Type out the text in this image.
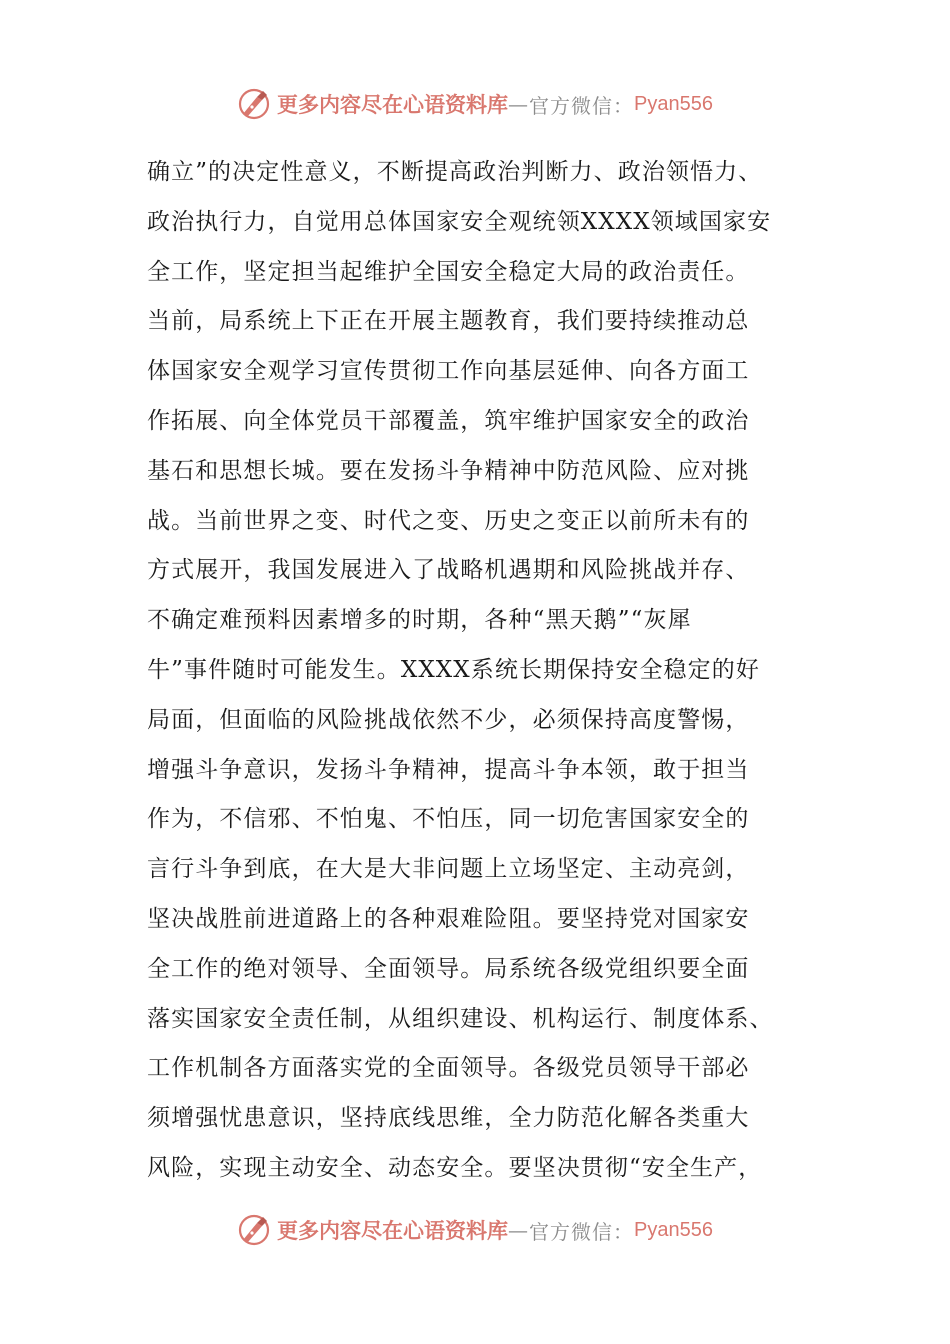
更多内容尽在心语资料库 — 官方微信： Pyan556
确立”的决定性意义，不断提高政治判断力、政治领悟力、
政治执行力，自觉用总体国家安全观统领XXXX领域国家安
全工作，坚定担当起维护全国安全稳定大局的政治责任。
当前，局系统上下正在开展主题教育，我们要持续推动总
体国家安全观学习宣传贯彻工作向基层延伸、向各方面工
作拓展、向全体党员干部覆盖，筑牢维护国家安全的政治
基石和思想长城。要在发扬斗争精神中防范风险、应对挑
战。当前世界之变、时代之变、历史之变正以前所未有的
方式展开，我国发展进入了战略机遇期和风险挑战并存、
不确定难预料因素增多的时期，各种“黑天鹅”“灰犀
牛”事件随时可能发生。XXXX系统长期保持安全稳定的好
局面，但面临的风险挑战依然不少，必须保持高度警惕，
增强斗争意识，发扬斗争精神，提高斗争本领，敢于担当
作为，不信邪、不怕鬼、不怕压，同一切危害国家安全的
言行斗争到底，在大是大非问题上立场坚定、主动亮剑，
坚决战胜前进道路上的各种艰难险阻。要坚持党对国家安
全工作的绝对领导、全面领导。局系统各级党组织要全面
落实国家安全责任制，从组织建设、机构运行、制度体系、
工作机制各方面落实党的全面领导。各级党员领导干部必
须增强忧患意识，坚持底线思维，全力防范化解各类重大
风险，实现主动安全、动态安全。要坚决贯彻“安全生产，
更多内容尽在心语资料库 — 官方微信： Pyan556
